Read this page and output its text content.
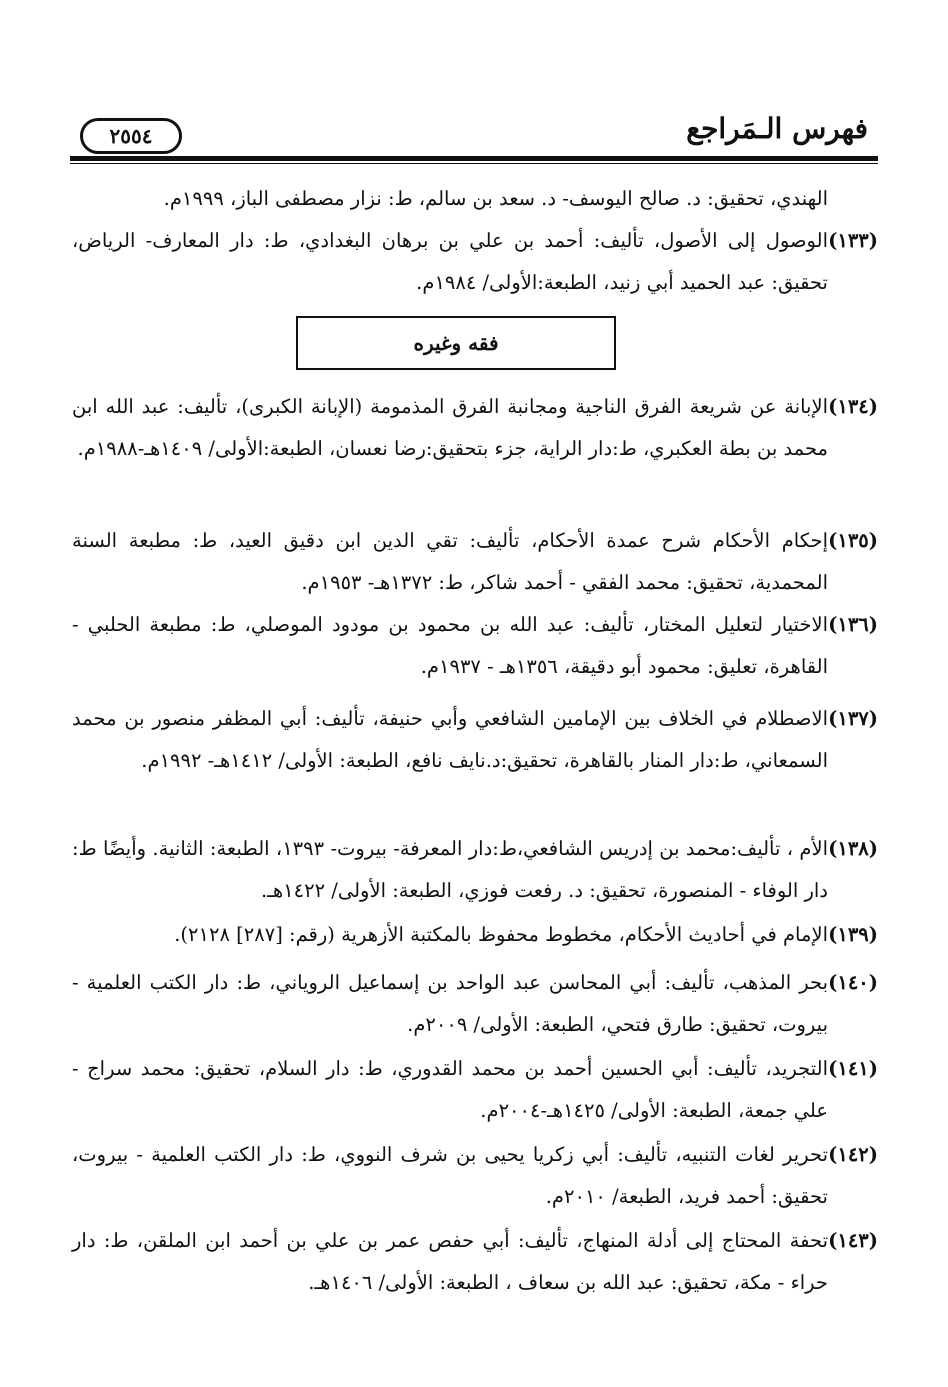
فهرس الـمَراجع
٢٥٥٤
الهندي، تحقيق: د. صالح اليوسف- د. سعد بن سالم، ط: نزار مصطفى الباز، ١٩٩٩م.
(١٣٣)
الوصول إلى الأصول، تأليف: أحمد بن علي بن برهان البغدادي، ط: دار المعارف- الرياض، تحقيق: عبد الحميد أبي زنيد، الطبعة:الأولى/ ١٩٨٤م.
فقه وغيره
(١٣٤)
الإبانة عن شريعة الفرق الناجية ومجانبة الفرق المذمومة (الإبانة الكبرى)، تأليف: عبد الله ابن محمد بن بطة العكبري، ط:دار الراية، جزء بتحقيق:رضا نعسان، الطبعة:الأولى/ ١٤٠٩هـ-١٩٨٨م.
(١٣٥)
إحكام الأحكام شرح عمدة الأحكام، تأليف: تقي الدين ابن دقيق العيد، ط: مطبعة السنة المحمدية، تحقيق: محمد الفقي - أحمد شاكر، ط: ١٣٧٢هـ- ١٩٥٣م.
(١٣٦)
الاختيار لتعليل المختار، تأليف: عبد الله بن محمود بن مودود الموصلي، ط: مطبعة الحلبي - القاهرة، تعليق: محمود أبو دقيقة، ١٣٥٦هـ - ١٩٣٧م.
(١٣٧)
الاصطلام في الخلاف بين الإمامين الشافعي وأبي حنيفة، تأليف: أبي المظفر منصور بن محمد السمعاني، ط:دار المنار بالقاهرة، تحقيق:د.نايف نافع، الطبعة: الأولى/ ١٤١٢هـ- ١٩٩٢م.
(١٣٨)
الأم ، تأليف:محمد بن إدريس الشافعي،ط:دار المعرفة- بيروت- ١٣٩٣، الطبعة: الثانية. وأيضًا ط: دار الوفاء - المنصورة، تحقيق: د. رفعت فوزي، الطبعة: الأولى/ ١٤٢٢هـ.
(١٣٩)
الإمام في أحاديث الأحكام، مخطوط محفوظ بالمكتبة الأزهرية (رقم: [٢٨٧] ٢١٢٨).
(١٤٠)
بحر المذهب، تأليف: أبي المحاسن عبد الواحد بن إسماعيل الروياني، ط: دار الكتب العلمية - بيروت، تحقيق: طارق فتحي، الطبعة: الأولى/ ٢٠٠٩م.
(١٤١)
التجريد، تأليف: أبي الحسين أحمد بن محمد القدوري، ط: دار السلام، تحقيق: محمد سراج - علي جمعة، الطبعة: الأولى/ ١٤٢٥هـ-٢٠٠٤م.
(١٤٢)
تحرير لغات التنبيه، تأليف: أبي زكريا يحيى بن شرف النووي، ط: دار الكتب العلمية - بيروت، تحقيق: أحمد فريد، الطبعة/ ٢٠١٠م.
(١٤٣)
تحفة المحتاج إلى أدلة المنهاج، تأليف: أبي حفص عمر بن علي بن أحمد ابن الملقن، ط: دار حراء - مكة، تحقيق: عبد الله بن سعاف ، الطبعة: الأولى/ ١٤٠٦هـ.
